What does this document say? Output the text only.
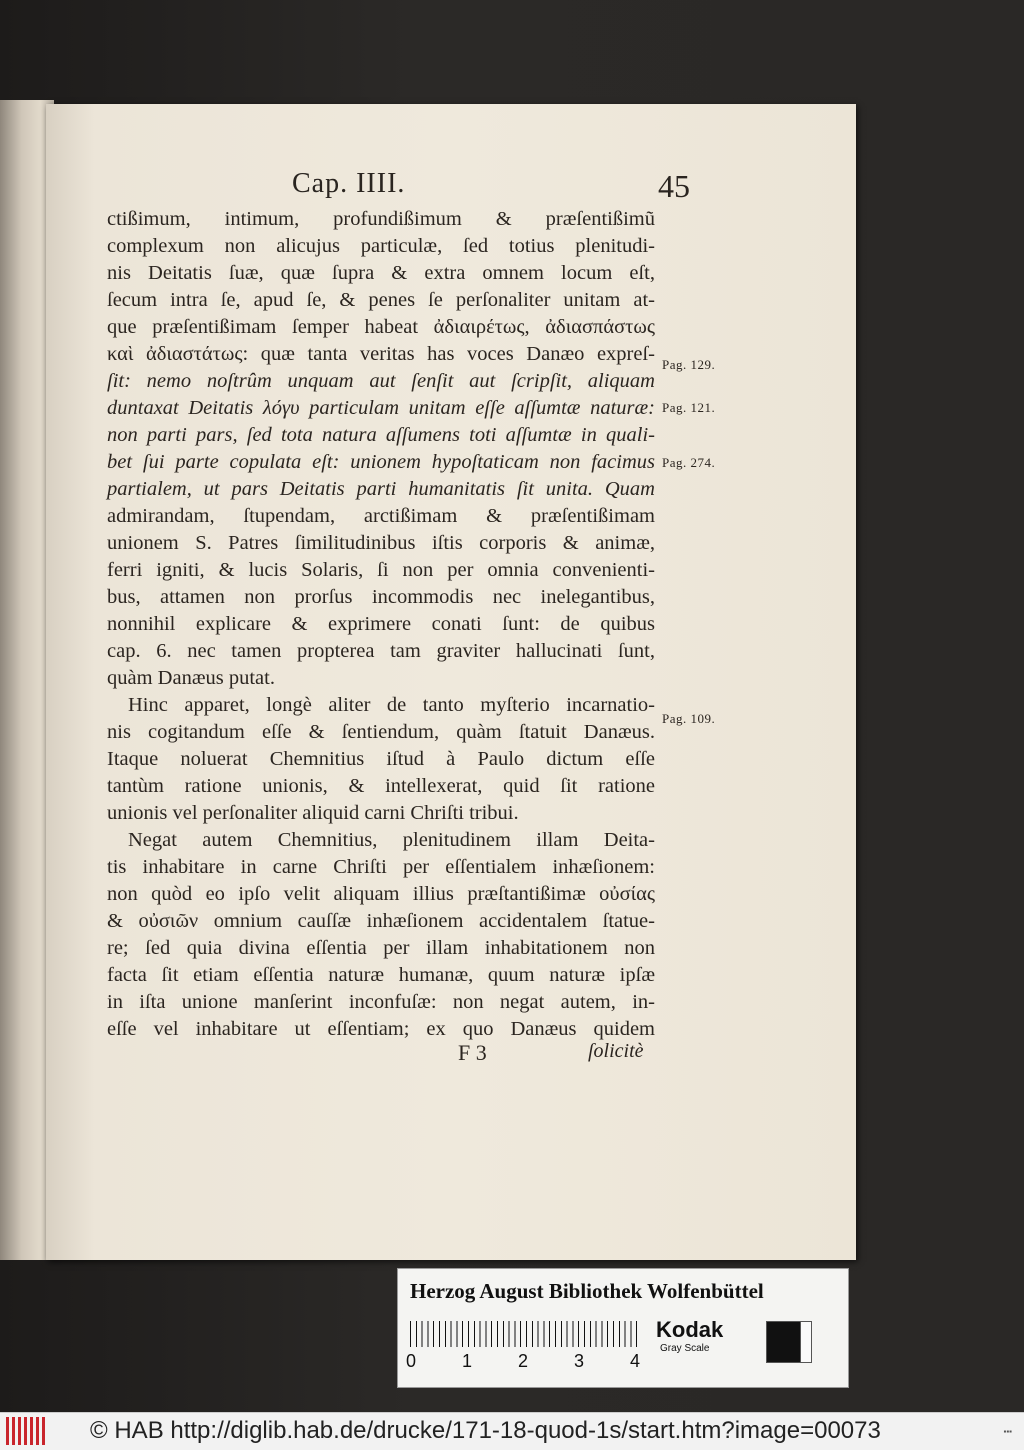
Cap. IIII.	45
ctißimum, intimum, profundißimum & præſentißimũ
complexum non alicujus particulæ, ſed totius plenitudi-
nis Deitatis ſuæ, quæ ſupra & extra omnem locum eſt,
ſecum intra ſe, apud ſe, & penes ſe perſonaliter unitam at-
que præſentißimam ſemper habeat ἀδιαιρέτως, ἀδιασπάστως
καὶ ἀδιαστάτως: quæ tanta veritas has voces Danæo expreſ-
ſit: nemo noſtrûm unquam aut ſenſit aut ſcripſit, aliquam
duntaxat Deitatis λόγυ particulam unitam eſſe aſſumtæ naturæ:
non parti pars, ſed tota natura aſſumens toti aſſumtæ in quali-
bet ſui parte copulata eſt: unionem hypoſtaticam non facimus
partialem, ut pars Deitatis parti humanitatis ſit unita. Quam
admirandam, ſtupendam, arctißimam & præſentißimam
unionem S. Patres ſimilitudinibus iſtis corporis & animæ,
ferri igniti, & lucis Solaris, ſi non per omnia convenienti-
bus, attamen non prorſus incommodis nec inelegantibus,
nonnihil explicare & exprimere conati ſunt: de quibus
cap. 6. nec tamen propterea tam graviter hallucinati ſunt,
quàm Danæus putat.
Hinc apparet, longè aliter de tanto myſterio incarnatio-
nis cogitandum eſſe & ſentiendum, quàm ſtatuit Danæus.
Itaque noluerat Chemnitius iſtud à Paulo dictum eſſe
tantùm ratione unionis, & intellexerat, quid ſit ratione
unionis vel perſonaliter aliquid carni Chriſti tribui.
Negat autem Chemnitius, plenitudinem illam Deita-
tis inhabitare in carne Chriſti per eſſentialem inhæſionem:
non quòd eo ipſo velit aliquam illius præſtantißimæ οὐσίας
& οὐσιῶν omnium cauſſæ inhæſionem accidentalem ſtatue-
re; ſed quia divina eſſentia per illam inhabitationem non
facta ſit etiam eſſentia naturæ humanæ, quum naturæ ipſæ
in iſta unione manſerint inconfuſæ: non negat autem, in-
eſſe vel inhabitare ut eſſentiam; ex quo Danæus quidem
Pag. 129.
Pag. 121.
Pag. 274.
Pag. 109.
F 3	ſolicitè
Herzog August Bibliothek Wolfenbüttel
0	1	2	3	4
Kodak
Gray Scale
© HAB http://diglib.hab.de/drucke/171-18-quod-1s/start.htm?image=00073	▪▪▪
